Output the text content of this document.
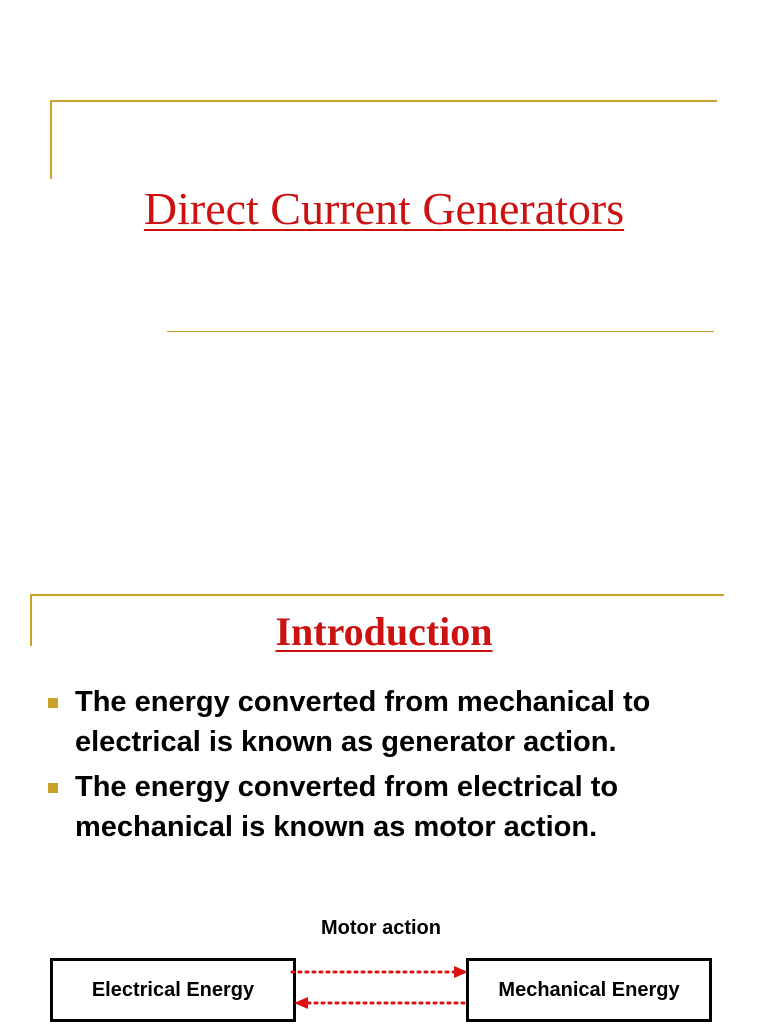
Direct Current Generators
Introduction
The energy converted from mechanical to electrical is known as generator action.
The energy converted from electrical to mechanical is known as motor action.
Motor action
Electrical Energy	Mechanical Energy
